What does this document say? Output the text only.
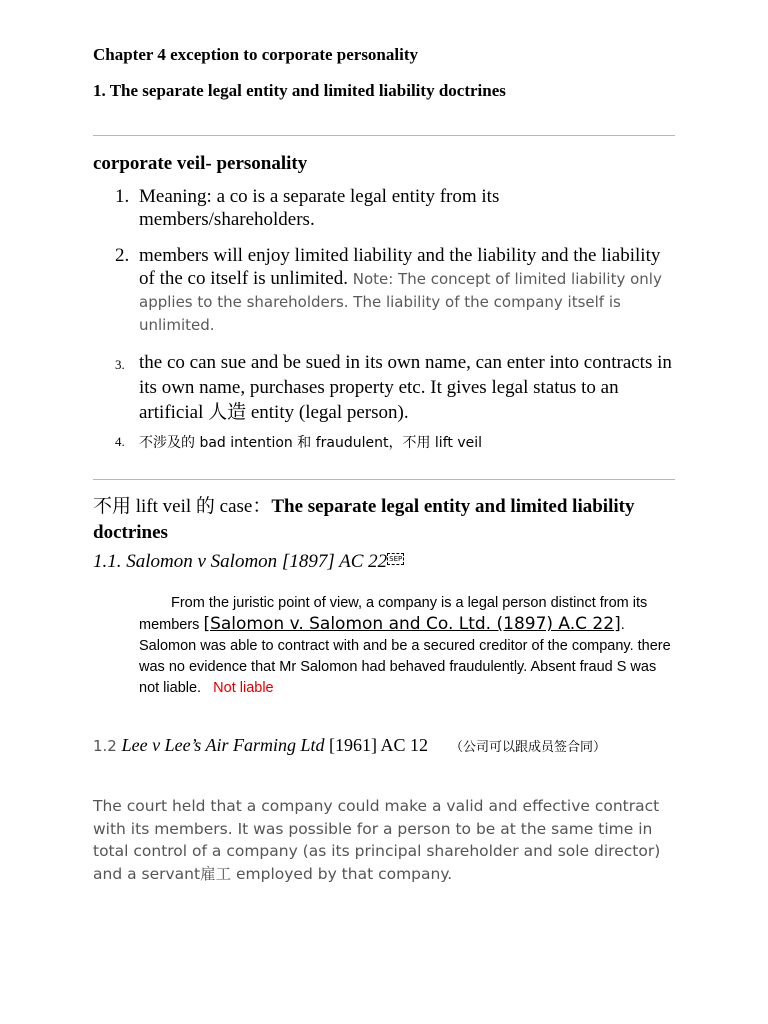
Chapter 4 exception to corporate personality
1. The separate legal entity and limited liability doctrines
corporate veil- personality
1. Meaning: a co is a separate legal entity from its members/shareholders.
2. members will enjoy limited liability and the liability and the liability of the co itself is unlimited. Note: The concept of limited liability only applies to the shareholders. The liability of the company itself is unlimited.
3. the co can sue and be sued in its own name, can enter into contracts in its own name, purchases property etc. It gives legal status to an artificial 人造 entity (legal person).
4. 不涉及的 bad intention 和 fraudulent，不用 lift veil
不用 lift veil 的 case：The separate legal entity and limited liability doctrines
1.1. Salomon v Salomon [1897] AC 22 SEP
From the juristic point of view, a company is a legal person distinct from its members [Salomon v. Salomon and Co. Ltd. (1897) A.C 22]. Salomon was able to contract with and be a secured creditor of the company. there was no evidence that Mr Salomon had behaved fraudulently. Absent fraud S was not liable. Not liable
1.2 Lee v Lee’s Air Farming Ltd [1961] AC 12 （公司可以跟成员签合同）
The court held that a company could make a valid and effective contract with its members. It was possible for a person to be at the same time in total control of a company (as its principal shareholder and sole director) and a servant雇工 employed by that company.
